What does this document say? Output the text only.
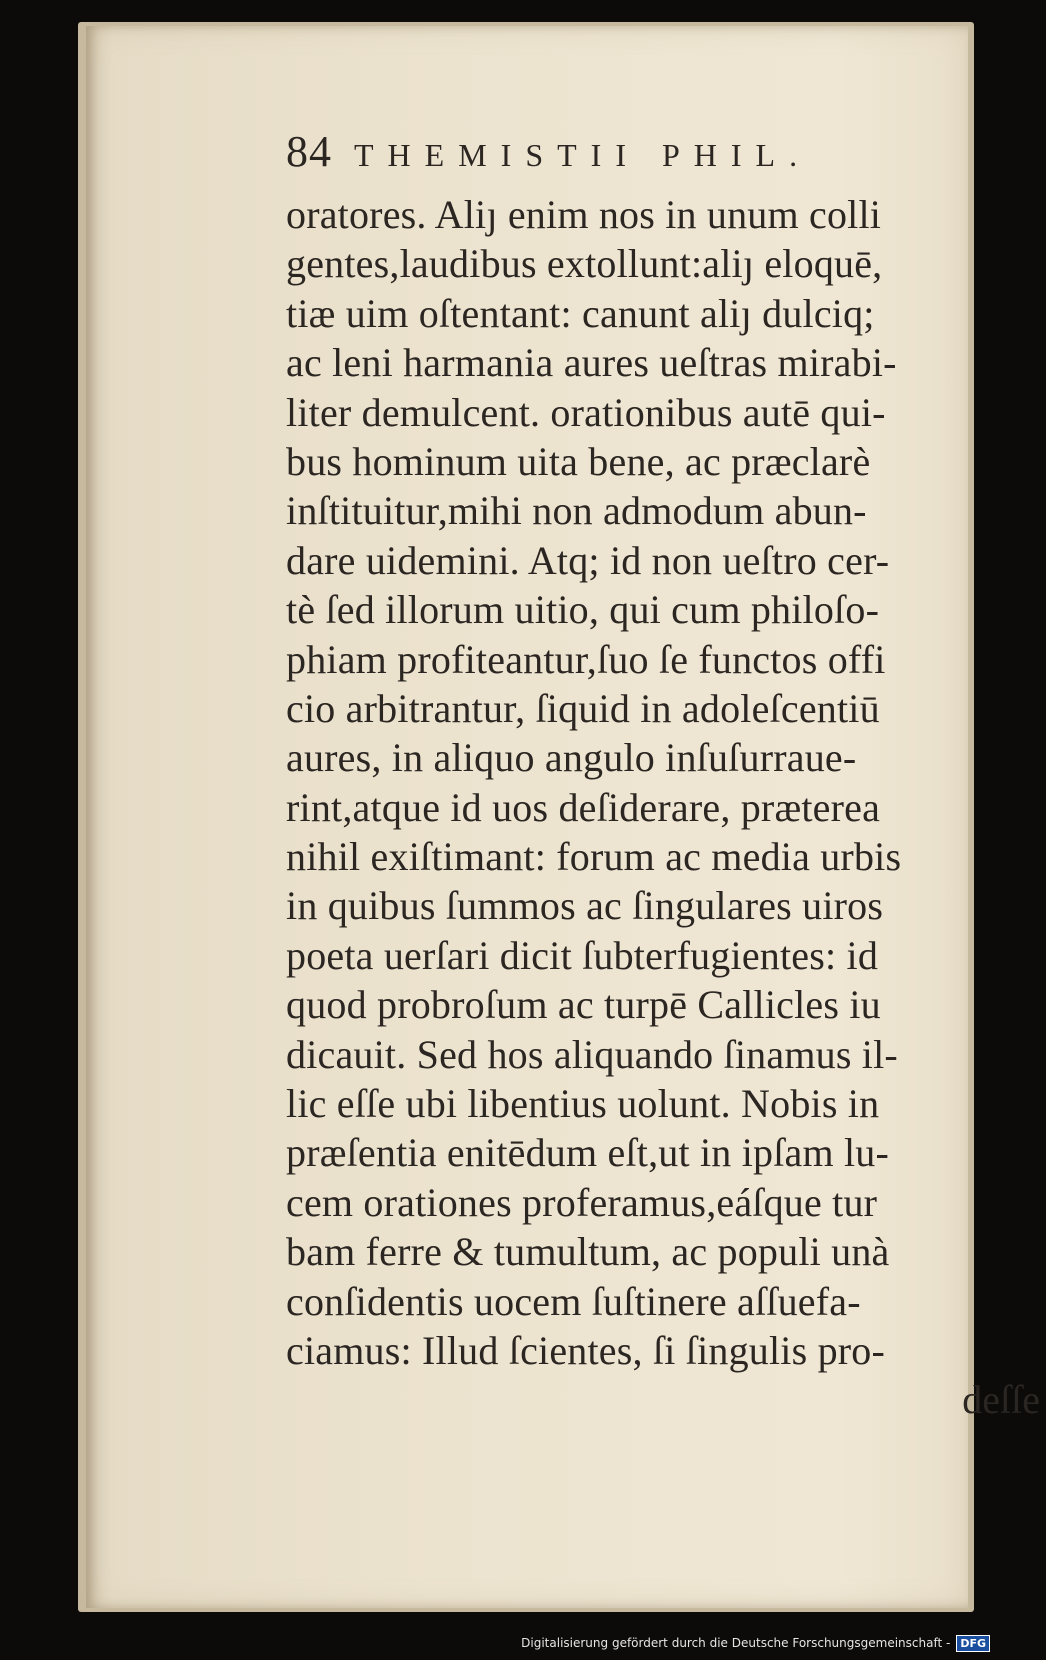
84 THEMISTII PHIL.
oratores. Aliȷ enim nos in unum colli
gentes,laudibus extollunt:aliȷ eloquē,
tiæ uim oſtentant: canunt aliȷ dulciq;
ac leni harmania aures ueſtras mirabi-
liter demulcent. orationibus autē qui-
bus hominum uita bene, ac præclarè
inſtituitur,mihi non admodum abun-
dare uidemini. Atq; id non ueſtro cer-
tè ſed illorum uitio, qui cum philoſo-
phiam profiteantur,ſuo ſe functos offi
cio arbitrantur, ſiquid in adoleſcentiū
aures, in aliquo angulo inſuſurraue-
rint,atque id uos deſiderare, præterea
nihil exiſtimant: forum ac media urbis
in quibus ſummos ac ſingulares uiros
poeta uerſari dicit ſubterfugientes: id
quod probroſum ac turpē Callicles iu
dicauit. Sed hos aliquando ſinamus il-
lic eſſe ubi libentius uolunt. Nobis in
præſentia enitēdum eſt,ut in ipſam lu-
cem orationes proferamus,eáſque tur
bam ferre & tumultum, ac populi unà
conſidentis uocem ſuſtinere aſſuefa-
ciamus: Illud ſcientes, ſi ſingulis pro-
deſſe
Digitalisierung gefördert durch die Deutsche Forschungsgemeinschaft - DFG
